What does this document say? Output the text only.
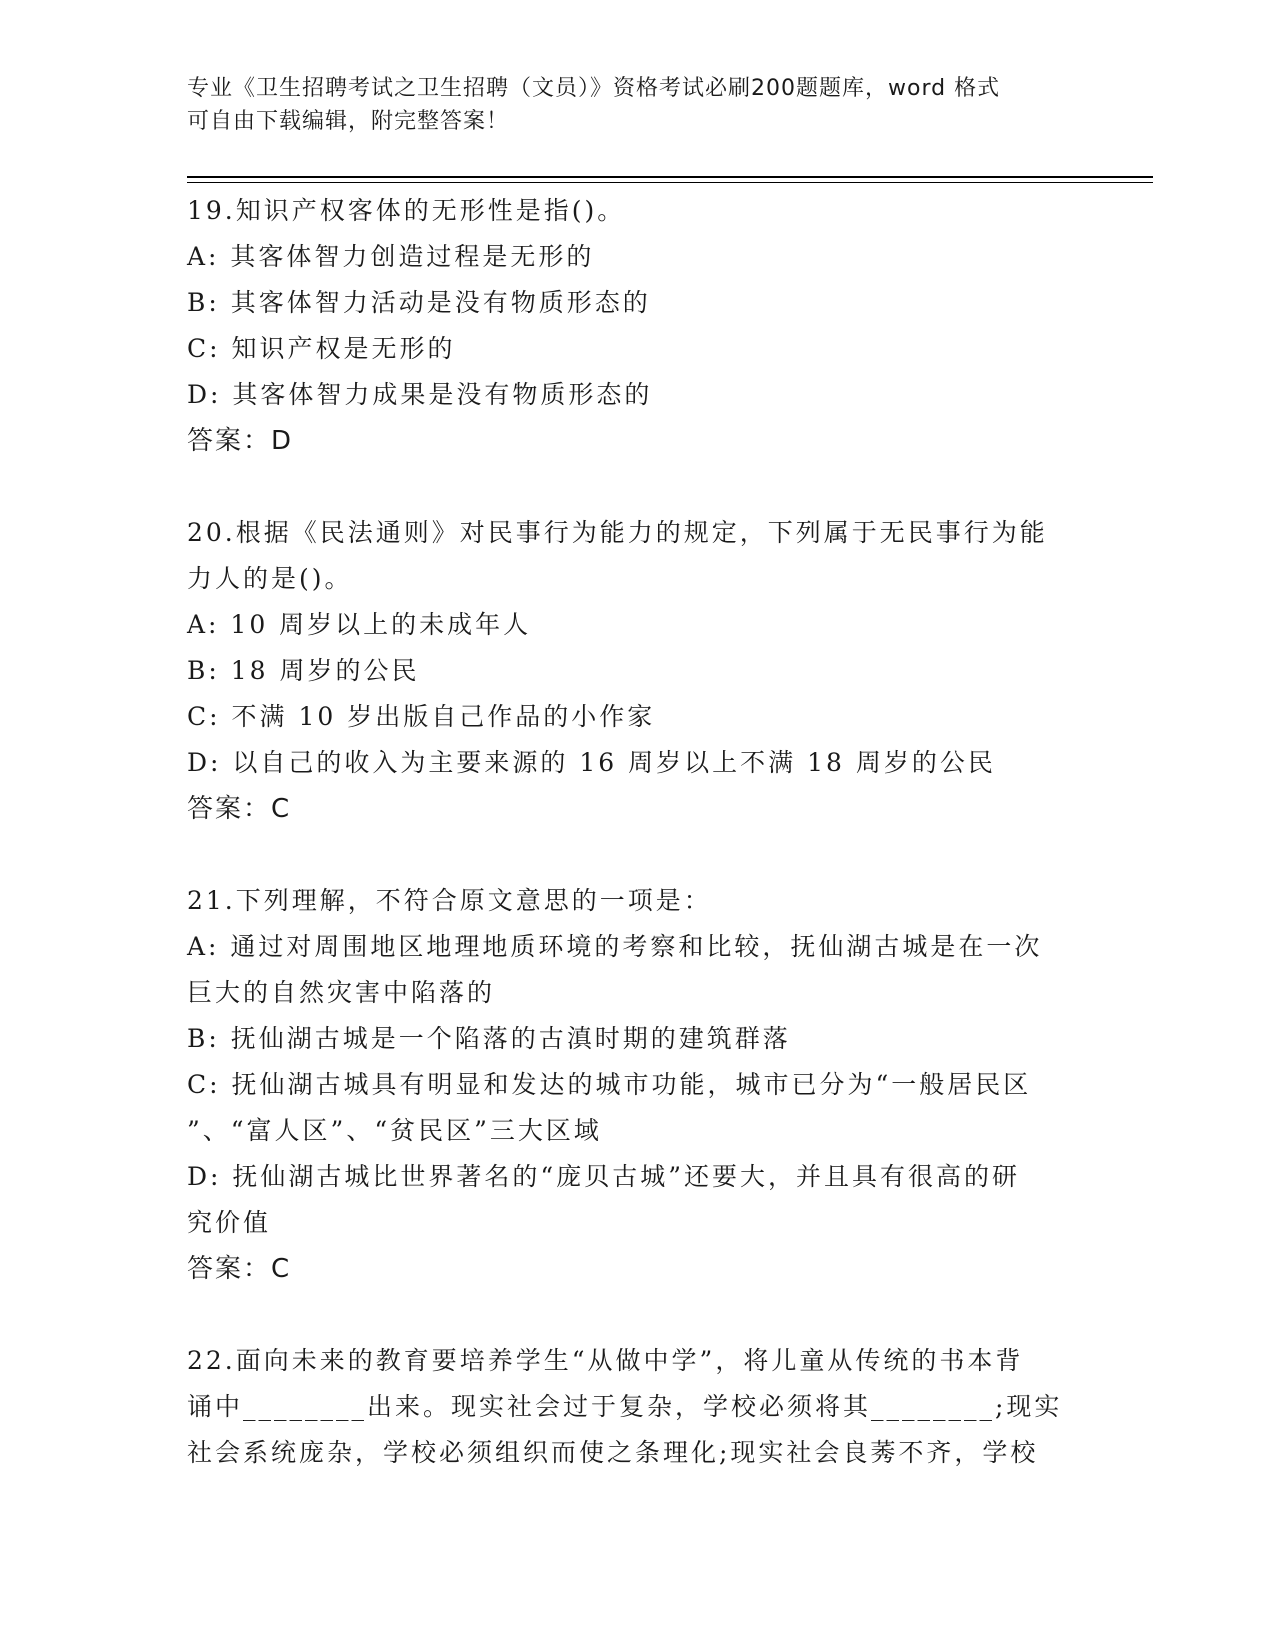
专业《卫生招聘考试之卫生招聘（文员）》资格考试必刷200题题库，word 格式
可自由下载编辑，附完整答案！
19.知识产权客体的无形性是指()。
A: 其客体智力创造过程是无形的
B: 其客体智力活动是没有物质形态的
C: 知识产权是无形的
D: 其客体智力成果是没有物质形态的
答案：D
20.根据《民法通则》对民事行为能力的规定，下列属于无民事行为能
力人的是()。
A: 10 周岁以上的未成年人
B: 18 周岁的公民
C: 不满 10 岁出版自己作品的小作家
D: 以自己的收入为主要来源的 16 周岁以上不满 18 周岁的公民
答案：C
21.下列理解，不符合原文意思的一项是：
A: 通过对周围地区地理地质环境的考察和比较，抚仙湖古城是在一次
巨大的自然灾害中陷落的
B: 抚仙湖古城是一个陷落的古滇时期的建筑群落
C: 抚仙湖古城具有明显和发达的城市功能，城市已分为“一般居民区
”、“富人区”、“贫民区”三大区域
D: 抚仙湖古城比世界著名的“庞贝古城”还要大，并且具有很高的研
究价值
答案：C
22.面向未来的教育要培养学生“从做中学”，将儿童从传统的书本背
诵中________出来。现实社会过于复杂，学校必须将其________;现实
社会系统庞杂，学校必须组织而使之条理化;现实社会良莠不齐，学校
